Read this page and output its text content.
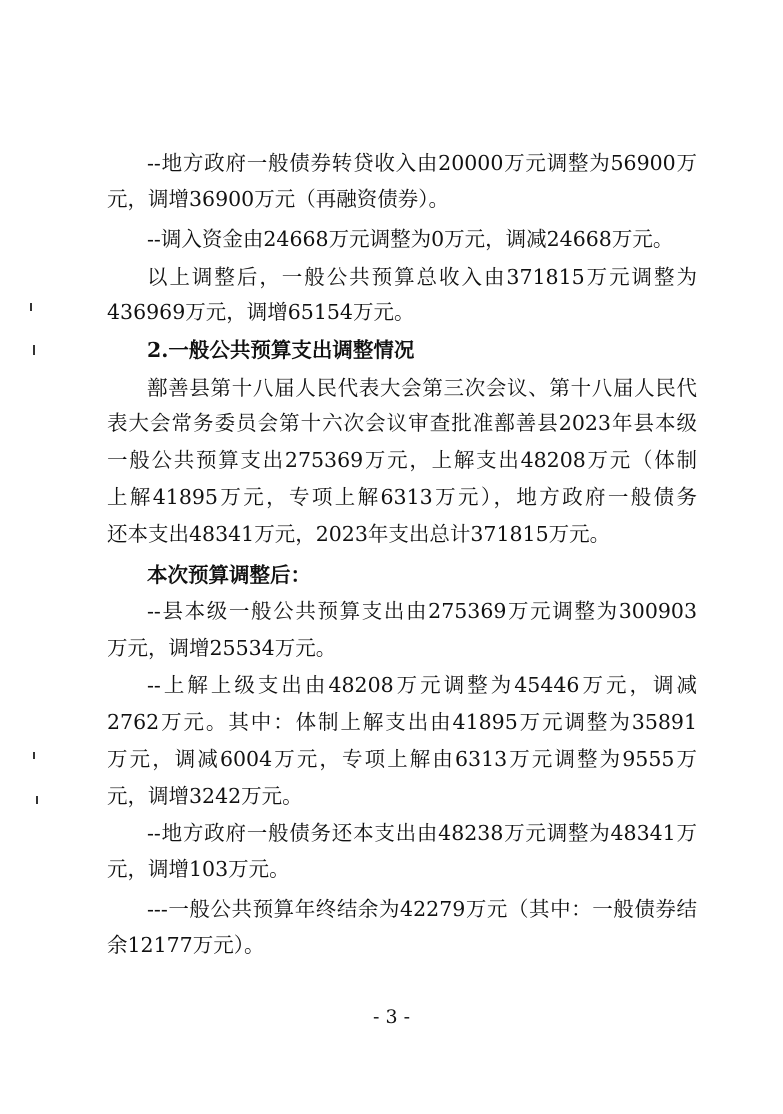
--地方政府一般债券转贷收入由20000万元调整为56900万
元，调增36900万元（再融资债券）。
--调入资金由24668万元调整为0万元，调减24668万元。
以上调整后，一般公共预算总收入由371815万元调整为
436969万元，调增65154万元。
2.一般公共预算支出调整情况
鄯善县第十八届人民代表大会第三次会议、第十八届人民代
表大会常务委员会第十六次会议审查批准鄯善县2023年县本级
一般公共预算支出275369万元，上解支出48208万元（体制
上解41895万元，专项上解6313万元），地方政府一般债务
还本支出48341万元，2023年支出总计371815万元。
本次预算调整后：
--县本级一般公共预算支出由275369万元调整为300903
万元，调增25534万元。
--上解上级支出由48208万元调整为45446万元，调减
2762万元。其中：体制上解支出由41895万元调整为35891
万元，调减6004万元，专项上解由6313万元调整为9555万
元，调增3242万元。
--地方政府一般债务还本支出由48238万元调整为48341万
元，调增103万元。
---一般公共预算年终结余为42279万元（其中：一般债券结
余12177万元）。
- 3 -
